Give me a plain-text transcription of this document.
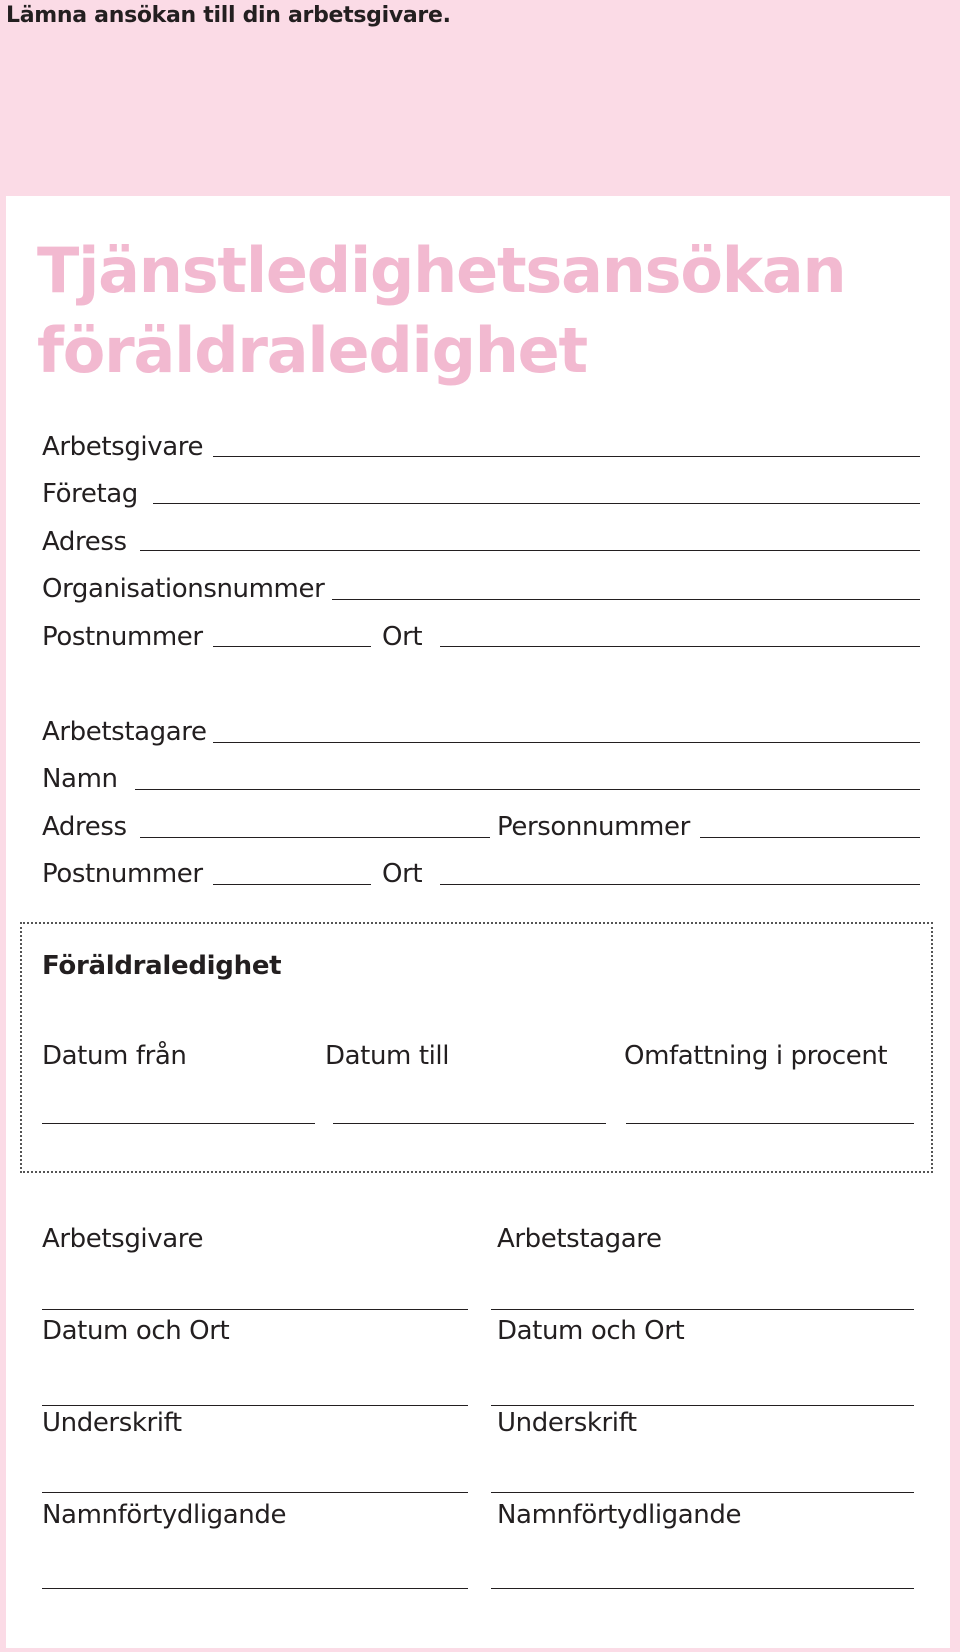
Lämna ansökan till din arbetsgivare.
Tjänstledighetsansökan
föräldraledighet
Arbetsgivare
Företag
Adress
Organisationsnummer
Postnummer	Ort
Arbetstagare
Namn
Adress	Personnummer
Postnummer	Ort
Föräldraledighet
Datum från	Datum till	Omfattning i procent
Arbetsgivare
Datum och Ort
Underskrift
Namnförtydligande
Arbetstagare
Datum och Ort
Underskrift
Namnförtydligande
